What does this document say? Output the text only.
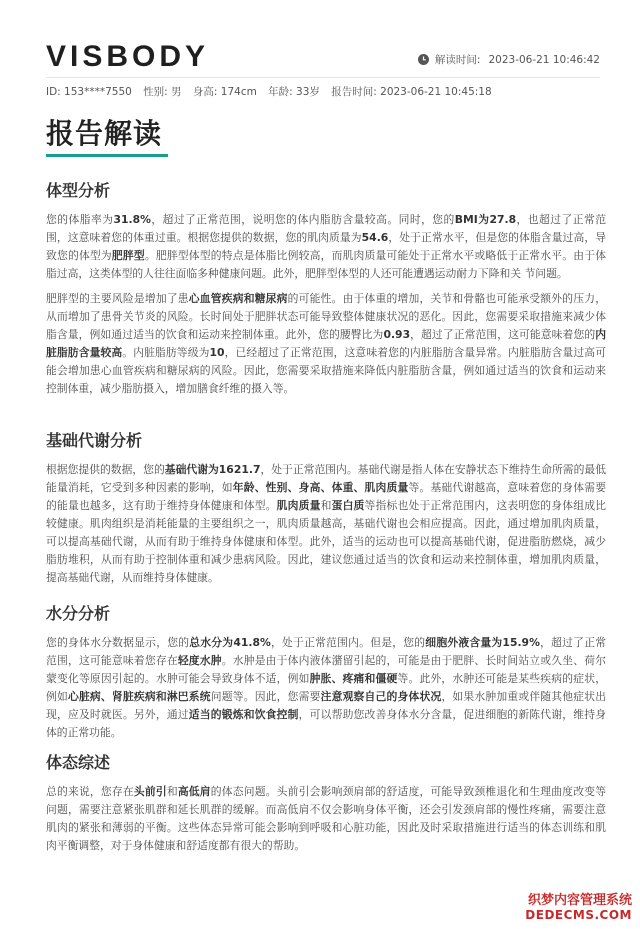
VISBODY	解读时间: 2023-06-21 10:46:42
ID: 153****7550 性别: 男 身高: 174cm 年龄: 33岁 报告时间: 2023-06-21 10:45:18
报告解读
体型分析

您的体脂率为31.8%，超过了正常范围，说明您的体内脂肪含量较高。同时，您的BMI为27.8，也超过了正常范围，这意味着您的体重过重。根据您提供的数据，您的肌肉质量为54.6，处于正常水平，但是您的体脂含量过高，导致您的体型为肥胖型。肥胖型体型的特点是体脂比例较高，而肌肉质量可能处于正常水平或略低于正常水平。由于体脂过高，这类体型的人往往面临多种健康问题。此外，肥胖型体型的人还可能遭遇运动耐力下降和关 节问题。

肥胖型的主要风险是增加了患心血管疾病和糖尿病的可能性。由于体重的增加，关节和骨骼也可能承受额外的压力，从而增加了患骨关节炎的风险。长时间处于肥胖状态可能导致整体健康状况的恶化。因此，您需要采取措施来减少体脂含量，例如通过适当的饮食和运动来控制体重。此外，您的腰臀比为0.93，超过了正常范围，这可能意味着您的内脏脂肪含量较高。内脏脂肪等级为10，已经超过了正常范围，这意味着您的内脏脂肪含量异常。内脏脂肪含量过高可能会增加患心血管疾病和糖尿病的风险。因此，您需要采取措施来降低内脏脂肪含量，例如通过适当的饮食和运动来控制体重，减少脂肪摄入，增加膳食纤维的摄入等。

基础代谢分析

根据您提供的数据，您的基础代谢为1621.7，处于正常范围内。基础代谢是指人体在安静状态下维持生命所需的最低能量消耗，它受到多种因素的影响，如年龄、性别、身高、体重、肌肉质量等。基础代谢越高，意味着您的身体需要的能量也越多，这有助于维持身体健康和体型。肌肉质量和蛋白质等指标也处于正常范围内，这表明您的身体组成比较健康。肌肉组织是消耗能量的主要组织之一，肌肉质量越高，基础代谢也会相应提高。因此，通过增加肌肉质量，可以提高基础代谢，从而有助于维持身体健康和体型。此外，适当的运动也可以提高基础代谢，促进脂肪燃烧，减少脂肪堆积，从而有助于控制体重和减少患病风险。因此，建议您通过适当的饮食和运动来控制体重，增加肌肉质量，提高基础代谢，从而维持身体健康。

水分分析

您的身体水分数据显示，您的总水分为41.8%，处于正常范围内。但是，您的细胞外液含量为15.9%，超过了正常范围，这可能意味着您存在轻度水肿。水肿是由于体内液体潴留引起的，可能是由于肥胖、长时间站立或久坐、荷尔蒙变化等原因引起的。水肿可能会导致身体不适，例如肿胀、疼痛和僵硬等。此外，水肿还可能是某些疾病的症状，例如心脏病、肾脏疾病和淋巴系统问题等。因此，您需要注意观察自己的身体状况，如果水肿加重或伴随其他症状出现，应及时就医。另外，通过适当的锻炼和饮食控制，可以帮助您改善身体水分含量，促进细胞的新陈代谢，维持身体的正常功能。

体态综述

总的来说，您存在头前引和高低肩的体态问题。头前引会影响颈肩部的舒适度，可能导致颈椎退化和生理曲度改变等问题，需要注意紧张肌群和延长肌群的缓解。而高低肩不仅会影响身体平衡，还会引发颈肩部的慢性疼痛，需要注意肌肉的紧张和薄弱的平衡。这些体态异常可能会影响到呼吸和心脏功能，因此及时采取措施进行适当的体态训练和肌肉平衡调整，对于身体健康和舒适度都有很大的帮助。

织梦内容管理系统
DEDECMS.COM
